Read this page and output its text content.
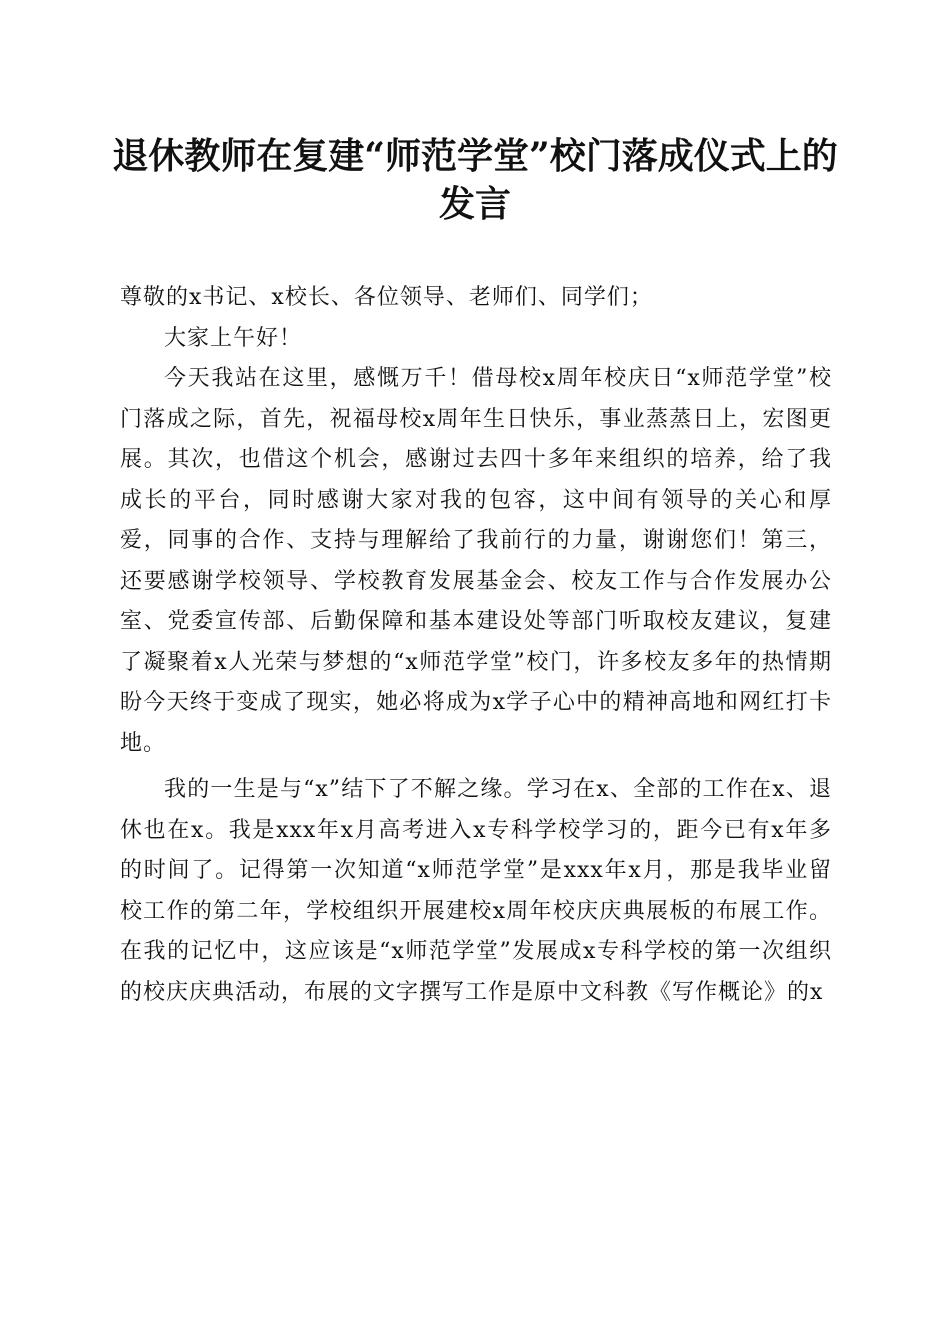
退休教师在复建“师范学堂”校门落成仪式上的发言

尊敬的x书记、x校长、各位领导、老师们、同学们；

大家上午好！

今天我站在这里，感慨万千！借母校x周年校庆日“x师范学堂”校门落成之际，首先，祝福母校x周年生日快乐，事业蒸蒸日上，宏图更展。其次，也借这个机会，感谢过去四十多年来组织的培养，给了我成长的平台，同时感谢大家对我的包容，这中间有领导的关心和厚爱，同事的合作、支持与理解给了我前行的力量，谢谢您们！第三，还要感谢学校领导、学校教育发展基金会、校友工作与合作发展办公室、党委宣传部、后勤保障和基本建设处等部门听取校友建议，复建了凝聚着x人光荣与梦想的“x师范学堂”校门，许多校友多年的热情期盼今天终于变成了现实，她必将成为x学子心中的精神高地和网红打卡地。

我的一生是与“x”结下了不解之缘。学习在x、全部的工作在x、退休也在x。我是xxx年x月高考进入x专科学校学习的，距今已有x年多的时间了。记得第一次知道“x师范学堂”是xxx年x月，那是我毕业留校工作的第二年，学校组织开展建校x周年校庆庆典展板的布展工作。在我的记忆中，这应该是“x师范学堂”发展成x专科学校的第一次组织的校庆庆典活动，布展的文字撰写工作是原中文科教《写作概论》的x
